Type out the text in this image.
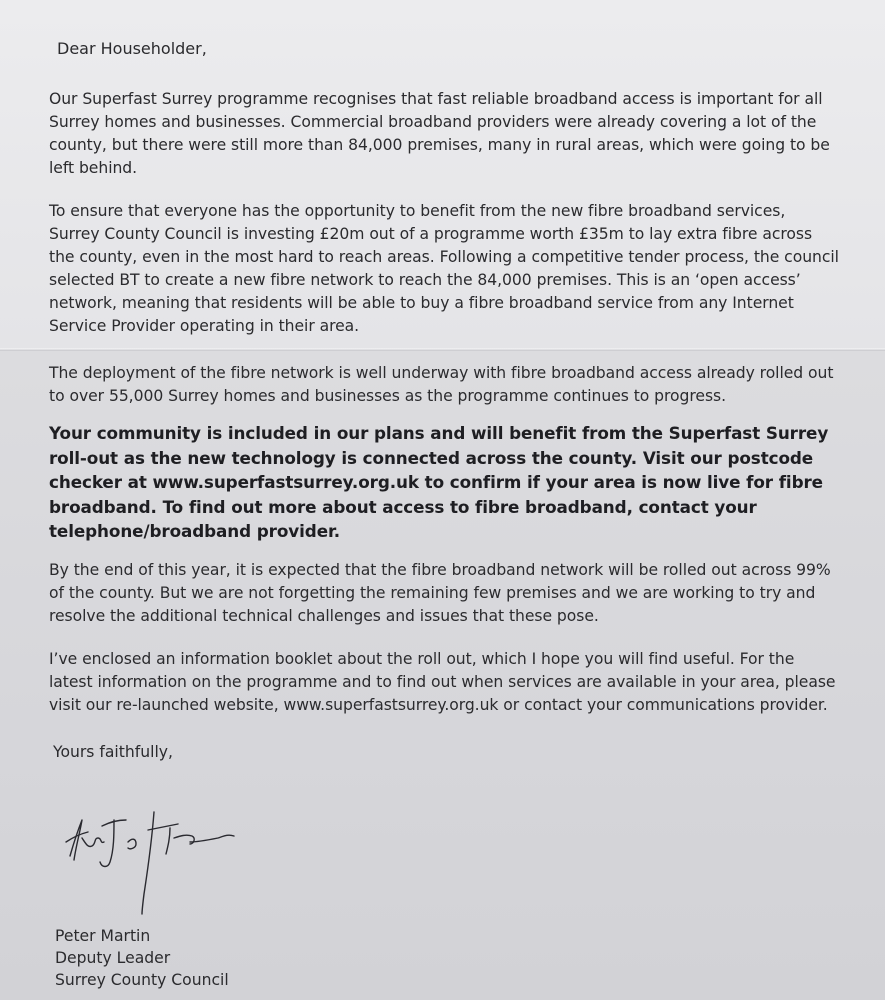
Dear Householder,

Our Superfast Surrey programme recognises that fast reliable broadband access is important for all Surrey homes and businesses. Commercial broadband providers were already covering a lot of the county, but there were still more than 84,000 premises, many in rural areas, which were going to be left behind.

To ensure that everyone has the opportunity to benefit from the new fibre broadband services, Surrey County Council is investing £20m out of a programme worth £35m to lay extra fibre across the county, even in the most hard to reach areas. Following a competitive tender process, the council selected BT to create a new fibre network to reach the 84,000 premises. This is an ‘open access’ network, meaning that residents will be able to buy a fibre broadband service from any Internet Service Provider operating in their area.

The deployment of the fibre network is well underway with fibre broadband access already rolled out to over 55,000 Surrey homes and businesses as the programme continues to progress.

Your community is included in our plans and will benefit from the Superfast Surrey roll-out as the new technology is connected across the county. Visit our postcode checker at www.superfastsurrey.org.uk to confirm if your area is now live for fibre broadband. To find out more about access to fibre broadband, contact your telephone/broadband provider.

By the end of this year, it is expected that the fibre broadband network will be rolled out across 99% of the county. But we are not forgetting the remaining few premises and we are working to try and resolve the additional technical challenges and issues that these pose.

I’ve enclosed an information booklet about the roll out, which I hope you will find useful. For the latest information on the programme and to find out when services are available in your area, please visit our re-launched website, www.superfastsurrey.org.uk or contact your communications provider.

Yours faithfully,

Peter Martin
Deputy Leader
Surrey County Council
